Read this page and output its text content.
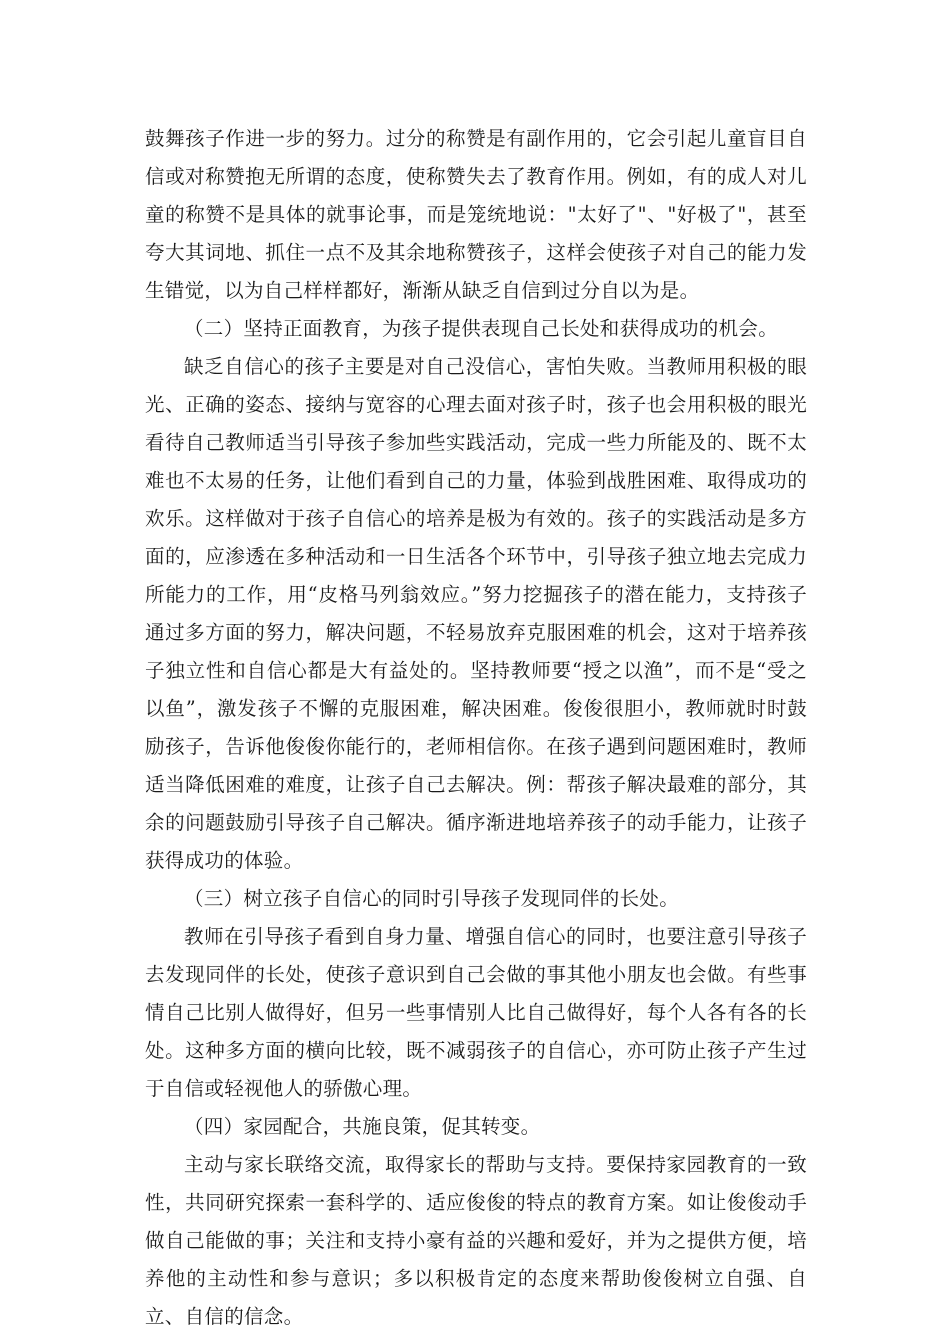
鼓舞孩子作进一步的努力。过分的称赞是有副作用的，它会引起儿童盲目自信或对称赞抱无所谓的态度，使称赞失去了教育作用。例如，有的成人对儿童的称赞不是具体的就事论事，而是笼统地说："太好了"、"好极了"，甚至夸大其词地、抓住一点不及其余地称赞孩子，这样会使孩子对自己的能力发生错觉，以为自己样样都好，渐渐从缺乏自信到过分自以为是。

（二）坚持正面教育，为孩子提供表现自己长处和获得成功的机会。

缺乏自信心的孩子主要是对自己没信心，害怕失败。当教师用积极的眼光、正确的姿态、接纳与宽容的心理去面对孩子时，孩子也会用积极的眼光看待自己教师适当引导孩子参加些实践活动，完成一些力所能及的、既不太难也不太易的任务，让他们看到自己的力量，体验到战胜困难、取得成功的欢乐。这样做对于孩子自信心的培养是极为有效的。孩子的实践活动是多方面的，应渗透在多种活动和一日生活各个环节中，引导孩子独立地去完成力所能力的工作，用“皮格马列翁效应。”努力挖掘孩子的潜在能力，支持孩子通过多方面的努力，解决问题，不轻易放弃克服困难的机会，这对于培养孩子独立性和自信心都是大有益处的。坚持教师要“授之以渔”，而不是“受之以鱼”，激发孩子不懈的克服困难，解决困难。俊俊很胆小，教师就时时鼓励孩子，告诉他俊俊你能行的，老师相信你。在孩子遇到问题困难时，教师适当降低困难的难度，让孩子自己去解决。例：帮孩子解决最难的部分，其余的问题鼓励引导孩子自己解决。循序渐进地培养孩子的动手能力，让孩子获得成功的体验。

（三）树立孩子自信心的同时引导孩子发现同伴的长处。

教师在引导孩子看到自身力量、增强自信心的同时，也要注意引导孩子去发现同伴的长处，使孩子意识到自己会做的事其他小朋友也会做。有些事情自己比别人做得好，但另一些事情别人比自己做得好，每个人各有各的长处。这种多方面的横向比较，既不减弱孩子的自信心，亦可防止孩子产生过于自信或轻视他人的骄傲心理。

（四）家园配合，共施良策，促其转变。

主动与家长联络交流，取得家长的帮助与支持。要保持家园教育的一致性，共同研究探索一套科学的、适应俊俊的特点的教育方案。如让俊俊动手做自己能做的事；关注和支持小豪有益的兴趣和爱好，并为之提供方便，培养他的主动性和参与意识；多以积极肯定的态度来帮助俊俊树立自强、自立、自信的信念。
